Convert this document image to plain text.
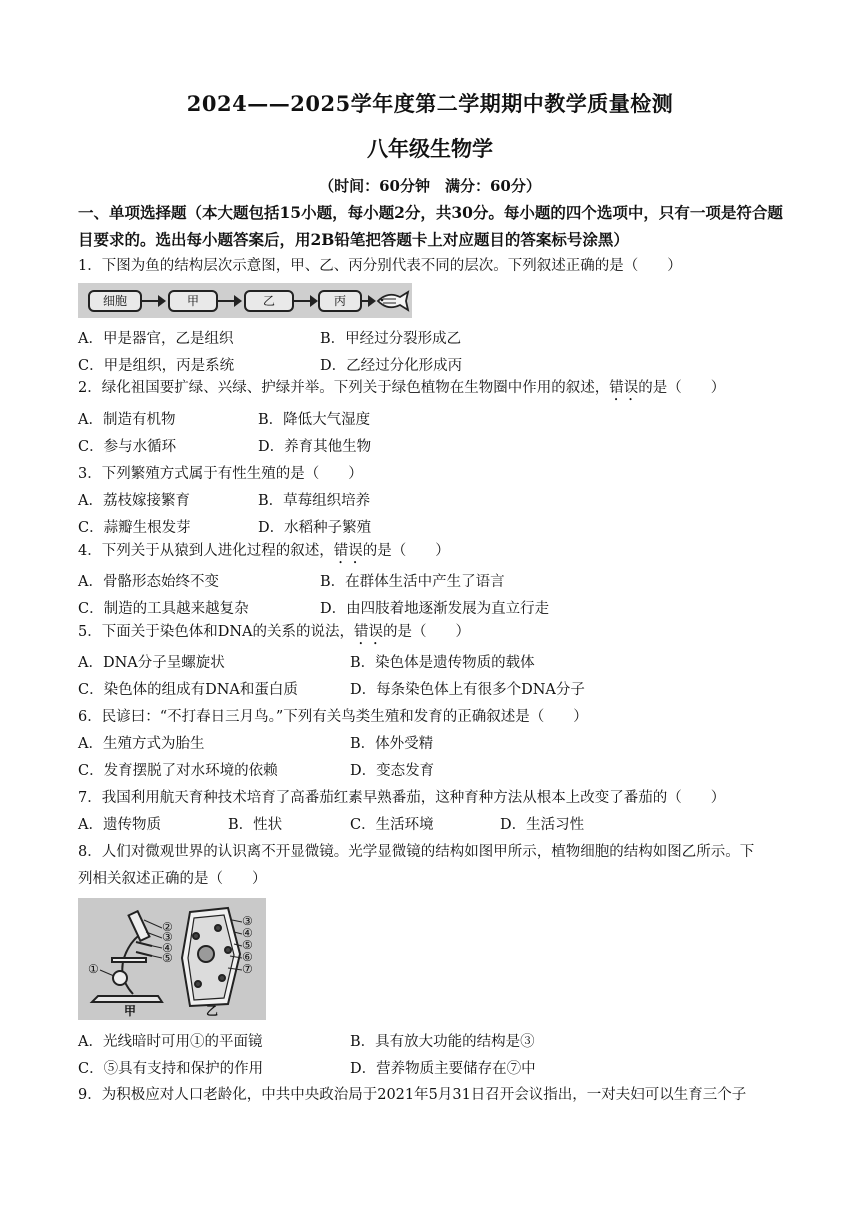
2024——2025学年度第二学期期中教学质量检测
八年级生物学
（时间：60分钟　满分：60分）
一、单项选择题（本大题包括15小题，每小题2分，共30分。每小题的四个选项中，只有一项是符合题目要求的。选出每小题答案后，用2B铅笔把答题卡上对应题目的答案标号涂黑）
1．下图为鱼的结构层次示意图，甲、乙、丙分别代表不同的层次。下列叙述正确的是（　　）
细胞	甲	乙	丙
A．甲是器官，乙是组织	B．甲经过分裂形成乙
C．甲是组织，丙是系统	D．乙经过分化形成丙
2．绿化祖国要扩绿、兴绿、护绿并举。下列关于绿色植物在生物圈中作用的叙述，错误的是（　　）
A．制造有机物	B．降低大气湿度
C．参与水循环	D．养育其他生物
3．下列繁殖方式属于有性生殖的是（　　）
A．荔枝嫁接繁育	B．草莓组织培养
C．蒜瓣生根发芽	D．水稻种子繁殖
4．下列关于从猿到人进化过程的叙述，错误的是（　　）
A．骨骼形态始终不变	B．在群体生活中产生了语言
C．制造的工具越来越复杂	D．由四肢着地逐渐发展为直立行走
5．下面关于染色体和DNA的关系的说法，错误的是（　　）
A．DNA分子呈螺旋状	B．染色体是遗传物质的载体
C．染色体的组成有DNA和蛋白质	D．每条染色体上有很多个DNA分子
6．民谚曰：“不打春日三月鸟。”下列有关鸟类生殖和发育的正确叙述是（　　）
A．生殖方式为胎生	B．体外受精
C．发育摆脱了对水环境的依赖	D．变态发育
7．我国利用航天育种技术培育了高番茄红素早熟番茄，这种育种方法从根本上改变了番茄的（　　）
A．遗传物质	B．性状	C．生活环境	D．生活习性
8．人们对微观世界的认识离不开显微镜。光学显微镜的结构如图甲所示，植物细胞的结构如图乙所示。下
列相关叙述正确的是（　　）
②
③
④
⑤
①
③
④
⑤
⑥
⑦
甲	乙
A．光线暗时可用①的平面镜	B．具有放大功能的结构是③
C．⑤具有支持和保护的作用	D．营养物质主要储存在⑦中
9．为积极应对人口老龄化，中共中央政治局于2021年5月31日召开会议指出，一对夫妇可以生育三个子
